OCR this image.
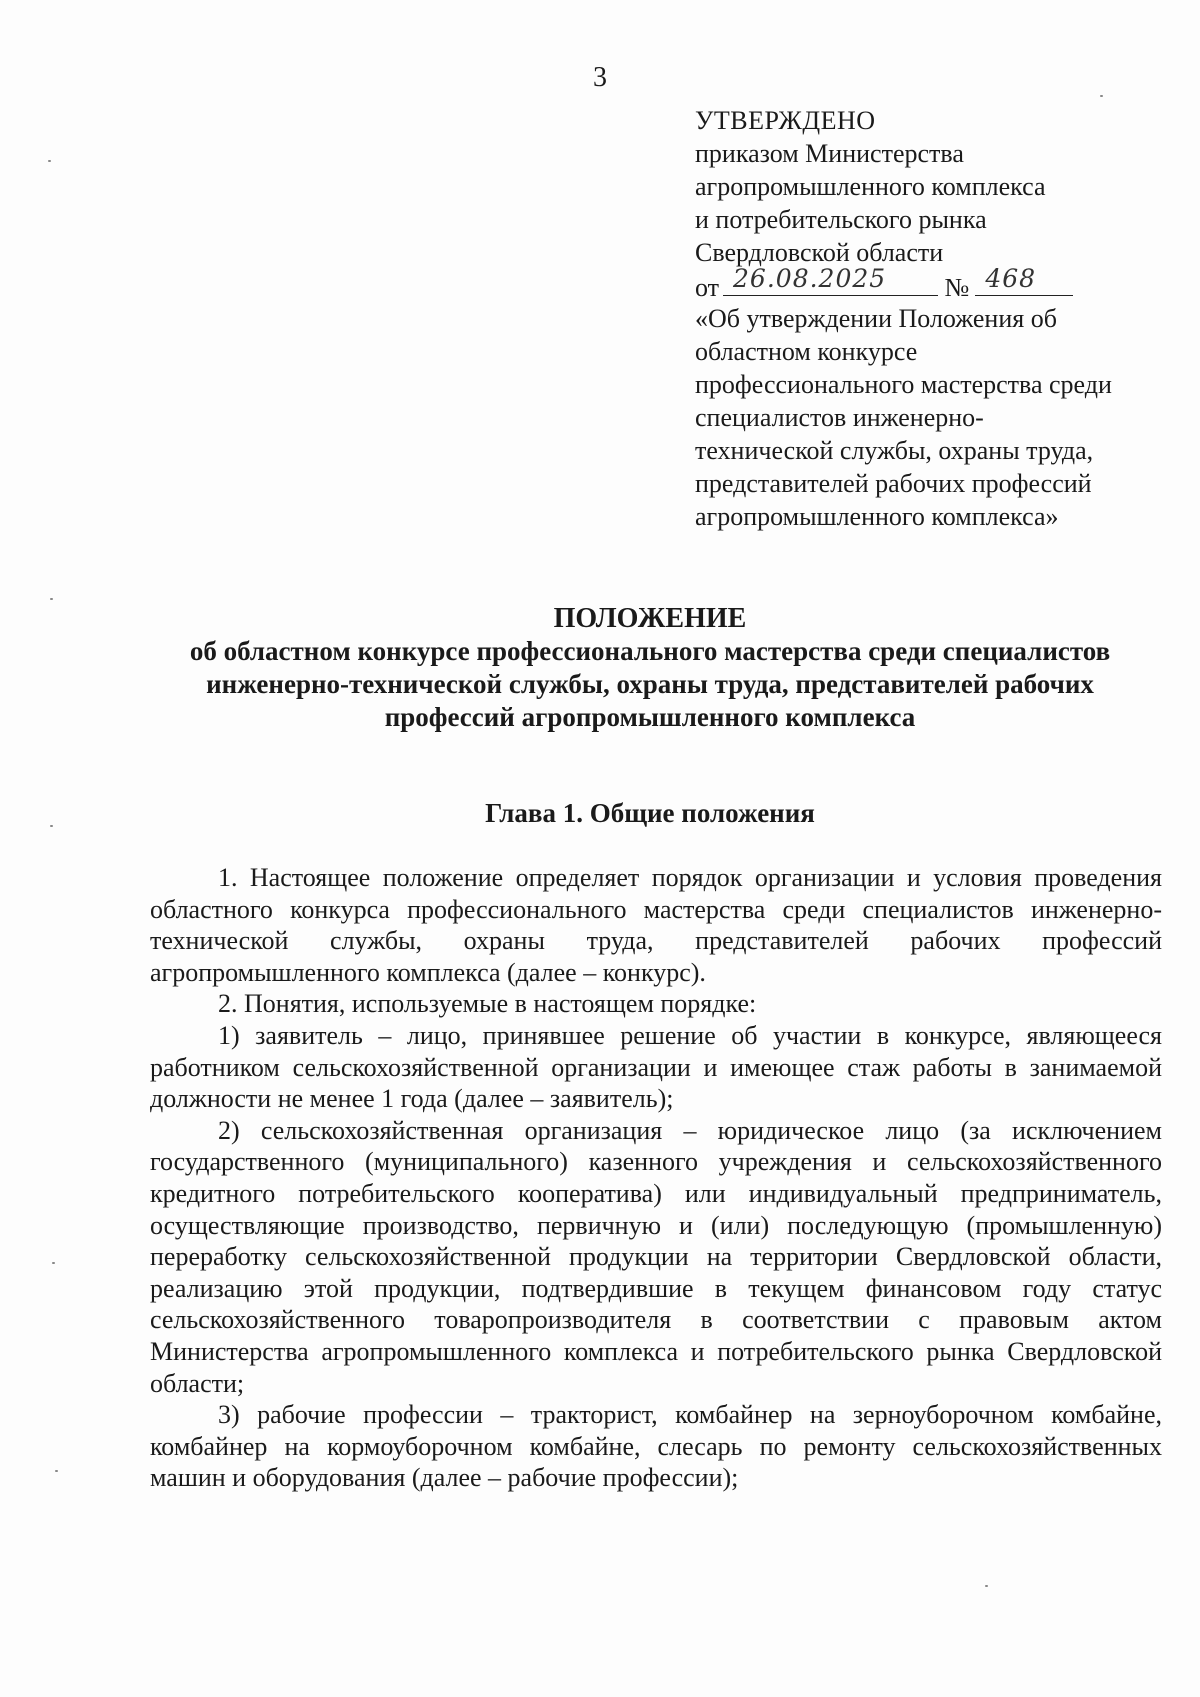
3
УТВЕРЖДЕНО
приказом Министерства
агропромышленного комплекса
и потребительского рынка
Свердловской области
от 26.08.2025 № 468
«Об утверждении Положения об
областном конкурсе
профессионального мастерства среди
специалистов инженерно-
технической службы, охраны труда,
представителей рабочих профессий
агропромышленного комплекса»
ПОЛОЖЕНИЕ
об областном конкурсе профессионального мастерства среди специалистов
инженерно-технической службы, охраны труда, представителей рабочих
профессий агропромышленного комплекса
Глава 1. Общие положения

1. Настоящее положение определяет порядок организации и условия проведения областного конкурса профессионального мастерства среди специалистов инженерно-технической службы, охраны труда, представителей рабочих профессий агропромышленного комплекса (далее – конкурс).

2. Понятия, используемые в настоящем порядке:

1) заявитель – лицо, принявшее решение об участии в конкурсе, являющееся работником сельскохозяйственной организации и имеющее стаж работы в занимаемой должности не менее 1 года (далее – заявитель);

2) сельскохозяйственная организация – юридическое лицо (за исключением государственного (муниципального) казенного учреждения и сельскохозяйственного кредитного потребительского кооператива) или индивидуальный предприниматель, осуществляющие производство, первичную и (или) последующую (промышленную) переработку сельскохозяйственной продукции на территории Свердловской области, реализацию этой продукции, подтвердившие в текущем финансовом году статус сельскохозяйственного товаропроизводителя в соответствии с правовым актом Министерства агропромышленного комплекса и потребительского рынка Свердловской области;

3) рабочие профессии – тракторист, комбайнер на зерноуборочном комбайне, комбайнер на кормоуборочном комбайне, слесарь по ремонту сельскохозяйственных машин и оборудования (далее – рабочие профессии);
